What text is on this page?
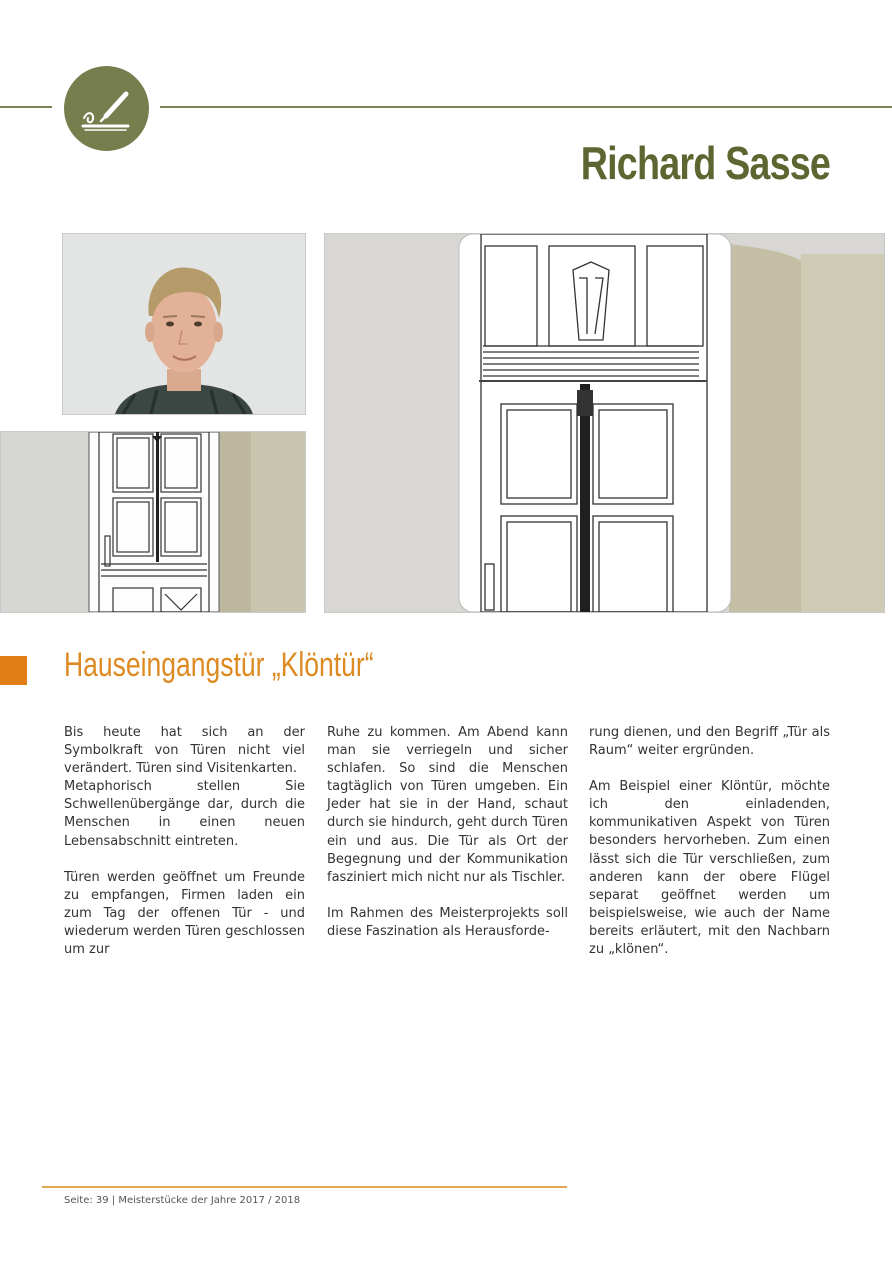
Richard Sasse
Hauseingangstür „Klöntür“

Bis heute hat sich an der Symbolkraft von Türen nicht viel verändert. Türen sind Visitenkarten.

Metaphorisch stellen Sie Schwellenübergänge dar, durch die Menschen in einen neuen Lebensabschnitt eintreten.

Türen werden geöffnet um Freunde zu empfangen, Firmen laden ein zum Tag der offenen Tür - und wiederum werden Türen geschlossen um zur

Ruhe zu kommen. Am Abend kann man sie verriegeln und sicher schlafen. So sind die Menschen tagtäglich von Türen umgeben. Ein Jeder hat sie in der Hand, schaut durch sie hindurch, geht durch Türen ein und aus. Die Tür als Ort der Begegnung und der Kommunikation fasziniert mich nicht nur als Tischler.

Im Rahmen des Meisterprojekts soll diese Faszination als Herausforde-

rung dienen, und den Begriff „Tür als Raum“ weiter ergründen.

Am Beispiel einer Klöntür, möchte ich den einladenden, kommunikativen Aspekt von Türen besonders hervorheben. Zum einen lässt sich die Tür verschließen, zum anderen kann der obere Flügel separat geöffnet werden um beispielsweise, wie auch der Name bereits erläutert, mit den Nachbarn zu „klönen“.

Seite: 39 | Meisterstücke der Jahre 2017 / 2018
